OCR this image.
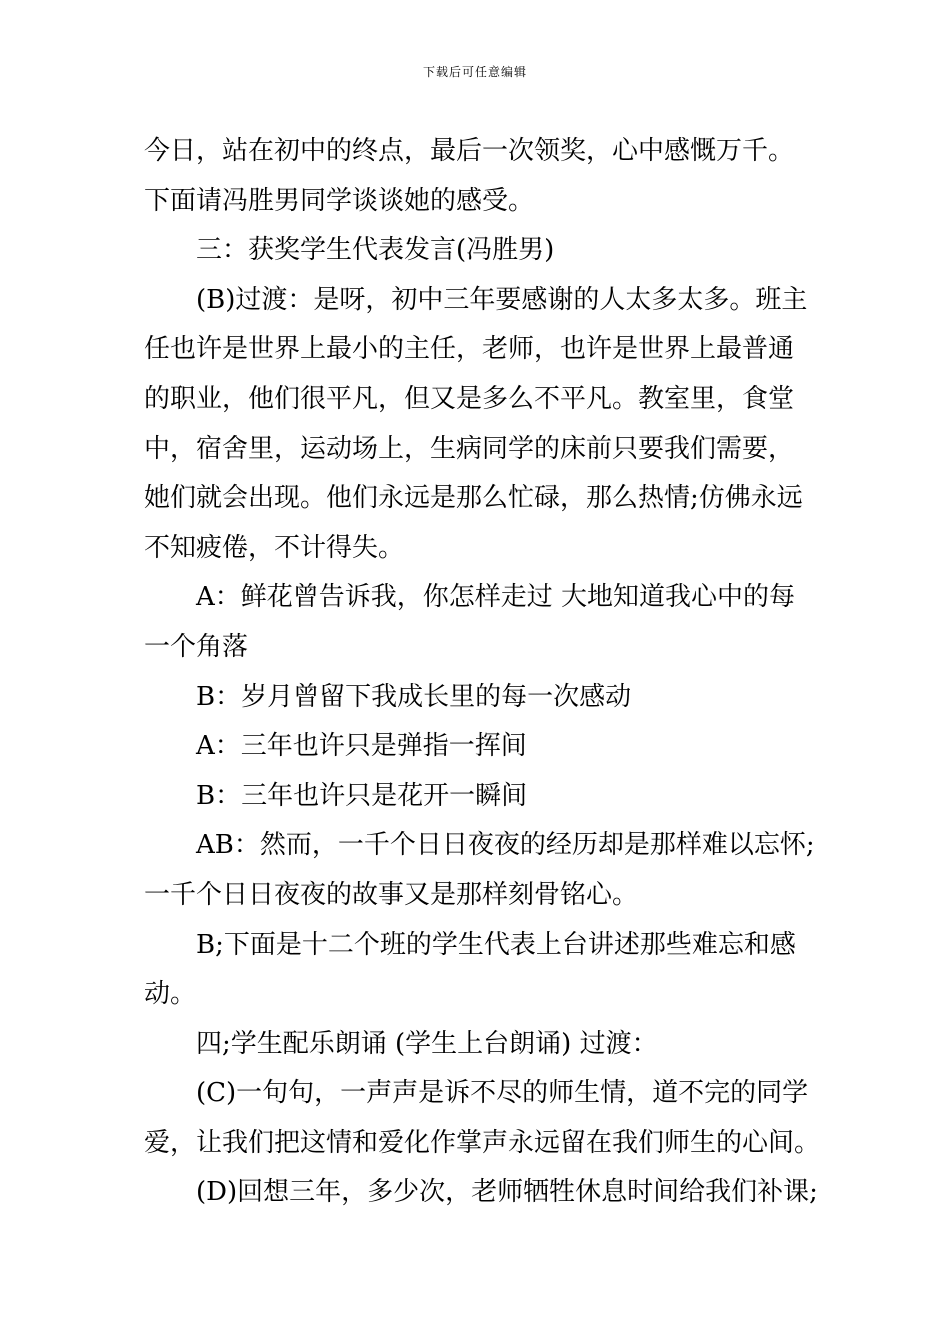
下载后可任意编辑

今日，站在初中的终点，最后一次领奖，心中感慨万千。
下面请冯胜男同学谈谈她的感受。

三：获奖学生代表发言(冯胜男)

(B)过渡：是呀，初中三年要感谢的人太多太多。班主
任也许是世界上最小的主任，老师，也许是世界上最普通
的职业，他们很平凡，但又是多么不平凡。教室里，食堂
中，宿舍里，运动场上，生病同学的床前只要我们需要，
她们就会出现。他们永远是那么忙碌，那么热情;仿佛永远
不知疲倦，不计得失。

A：鲜花曾告诉我，你怎样走过 大地知道我心中的每
一个角落

B：岁月曾留下我成长里的每一次感动

A：三年也许只是弹指一挥间

B：三年也许只是花开一瞬间

AB：然而，一千个日日夜夜的经历却是那样难以忘怀;
一千个日日夜夜的故事又是那样刻骨铭心。

B;下面是十二个班的学生代表上台讲述那些难忘和感
动。

四;学生配乐朗诵 (学生上台朗诵) 过渡：

(C)一句句，一声声是诉不尽的师生情，道不完的同学
爱，让我们把这情和爱化作掌声永远留在我们师生的心间。

(D)回想三年，多少次，老师牺牲休息时间给我们补课;
